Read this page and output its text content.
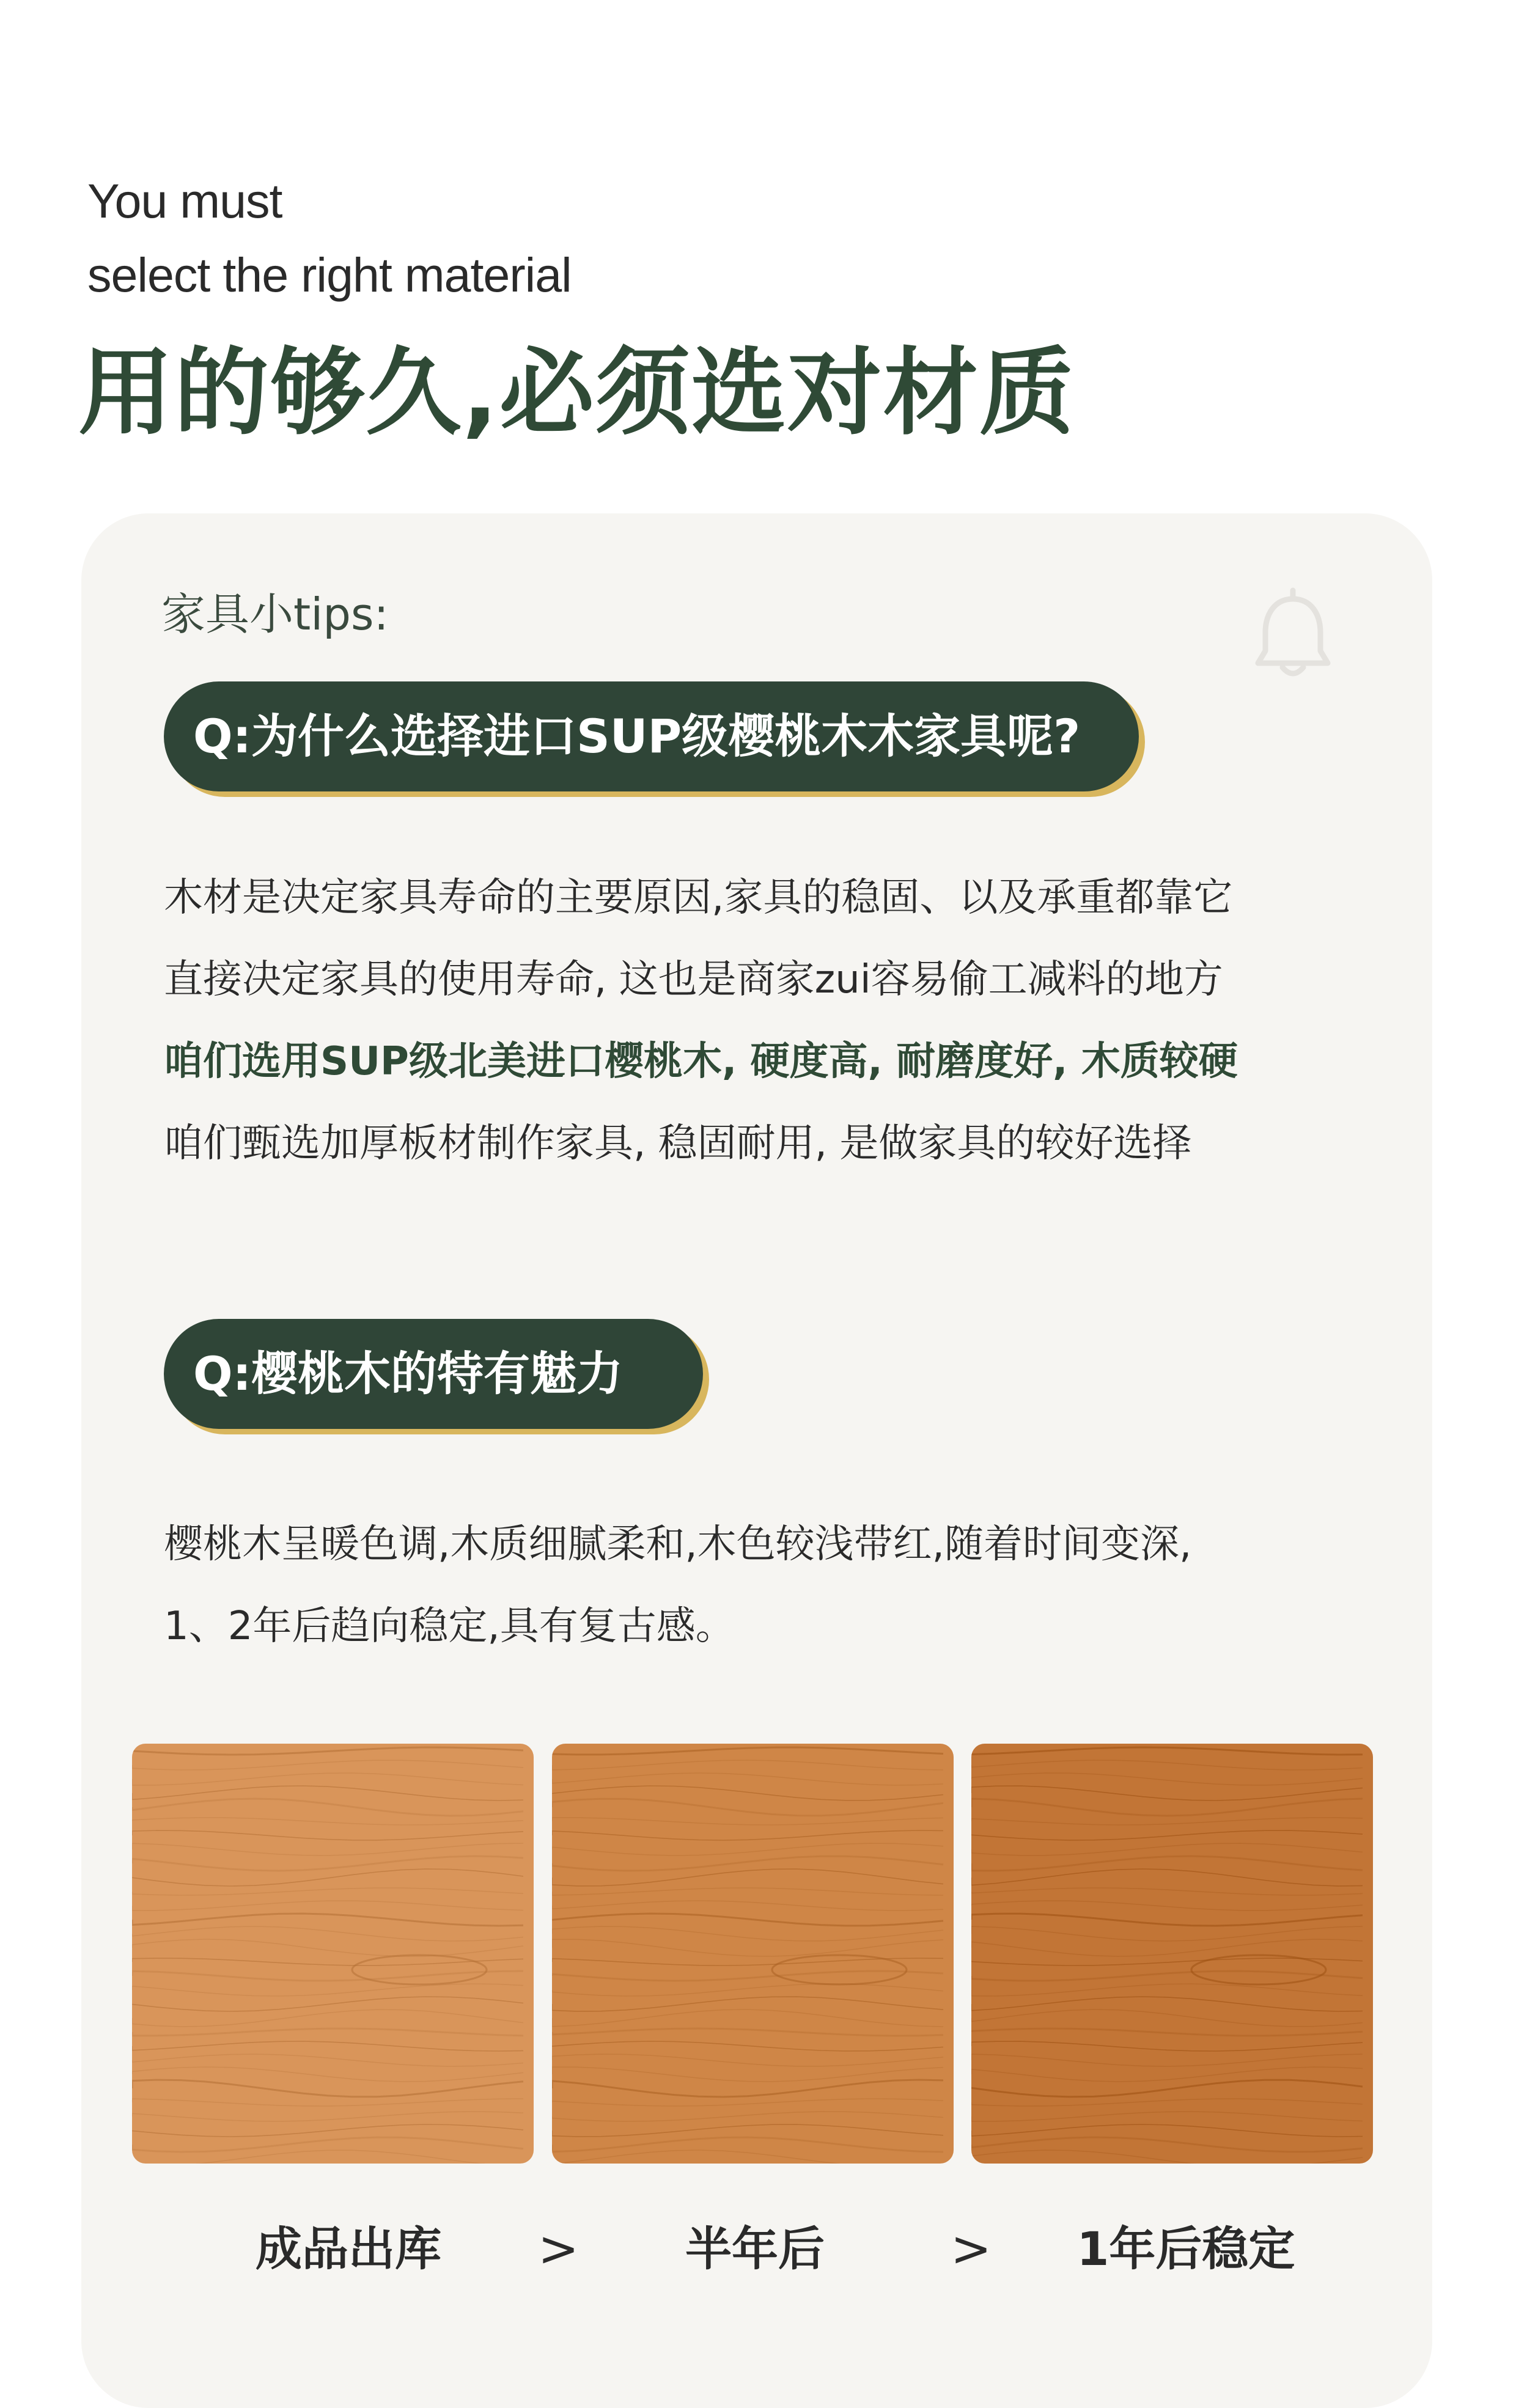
You must
select the right material
用的够久,必须选对材质
家具小tips:
Q:为什么选择进口SUP级樱桃木木家具呢?
木材是决定家具寿命的主要原因,家具的稳固、以及承重都靠它
直接决定家具的使用寿命, 这也是商家zui容易偷工减料的地方
咱们选用SUP级北美进口樱桃木, 硬度高, 耐磨度好, 木质较硬
咱们甄选加厚板材制作家具, 稳固耐用, 是做家具的较好选择
Q:樱桃木的特有魅力
樱桃木呈暖色调,木质细腻柔和,木色较浅带红,随着时间变深,
1、2年后趋向稳定,具有复古感。
成品出库 > 半年后	> 1年后稳定
